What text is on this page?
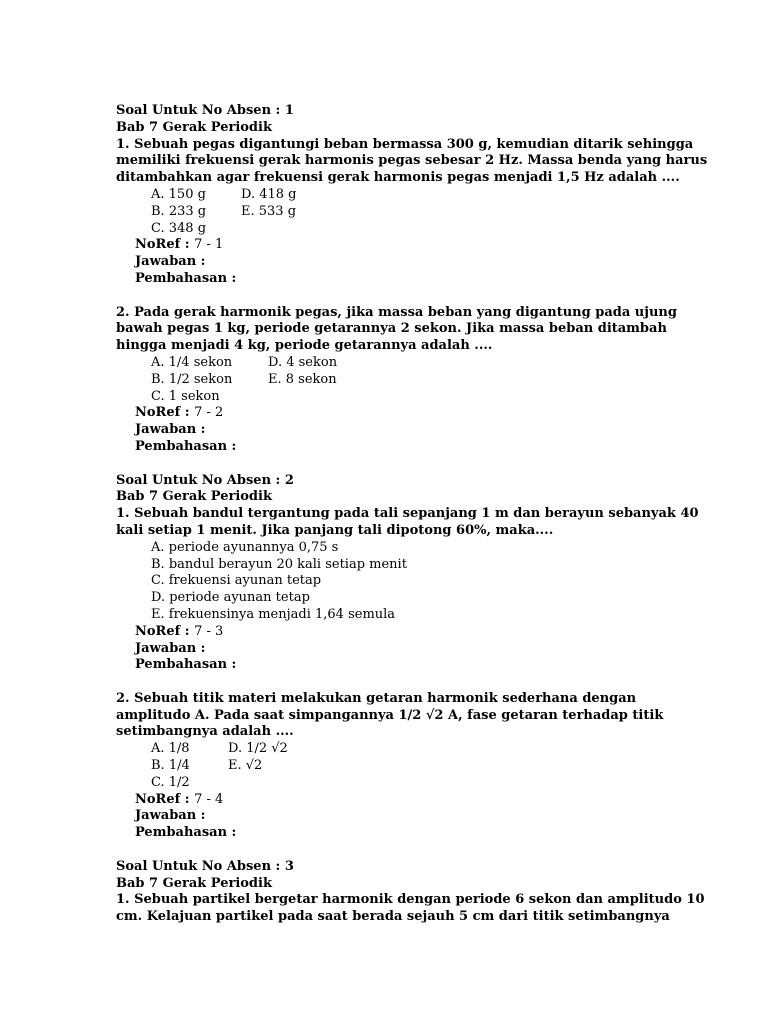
Soal Untuk No Absen : 1
Bab 7 Gerak Periodik
1. Sebuah pegas digantungi beban bermassa 300 g, kemudian ditarik sehingga
memiliki frekuensi gerak harmonis pegas sebesar 2 Hz. Massa benda yang harus
ditambahkan agar frekuensi gerak harmonis pegas menjadi 1,5 Hz adalah ....
A. 150 g	D. 418 g
B. 233 g	E. 533 g
C. 348 g
NoRef : 7 - 1
Jawaban :
Pembahasan :
2. Pada gerak harmonik pegas, jika massa beban yang digantung pada ujung
bawah pegas 1 kg, periode getarannya 2 sekon. Jika massa beban ditambah
hingga menjadi 4 kg, periode getarannya adalah ....
A. 1/4 sekon	D. 4 sekon
B. 1/2 sekon	E. 8 sekon
C. 1 sekon
NoRef : 7 - 2
Jawaban :
Pembahasan :
Soal Untuk No Absen : 2
Bab 7 Gerak Periodik
1. Sebuah bandul tergantung pada tali sepanjang 1 m dan berayun sebanyak 40
kali setiap 1 menit. Jika panjang tali dipotong 60%, maka....
A. periode ayunannya 0,75 s
B. bandul berayun 20 kali setiap menit
C. frekuensi ayunan tetap
D. periode ayunan tetap
E. frekuensinya menjadi 1,64 semula
NoRef : 7 - 3
Jawaban :
Pembahasan :
2. Sebuah titik materi melakukan getaran harmonik sederhana dengan
amplitudo A. Pada saat simpangannya 1/2 √2 A, fase getaran terhadap titik
setimbangnya adalah ....
A. 1/8	D. 1/2 √2
B. 1/4	E. √2
C. 1/2
NoRef : 7 - 4
Jawaban :
Pembahasan :
Soal Untuk No Absen : 3
Bab 7 Gerak Periodik
1. Sebuah partikel bergetar harmonik dengan periode 6 sekon dan amplitudo 10
cm. Kelajuan partikel pada saat berada sejauh 5 cm dari titik setimbangnya
